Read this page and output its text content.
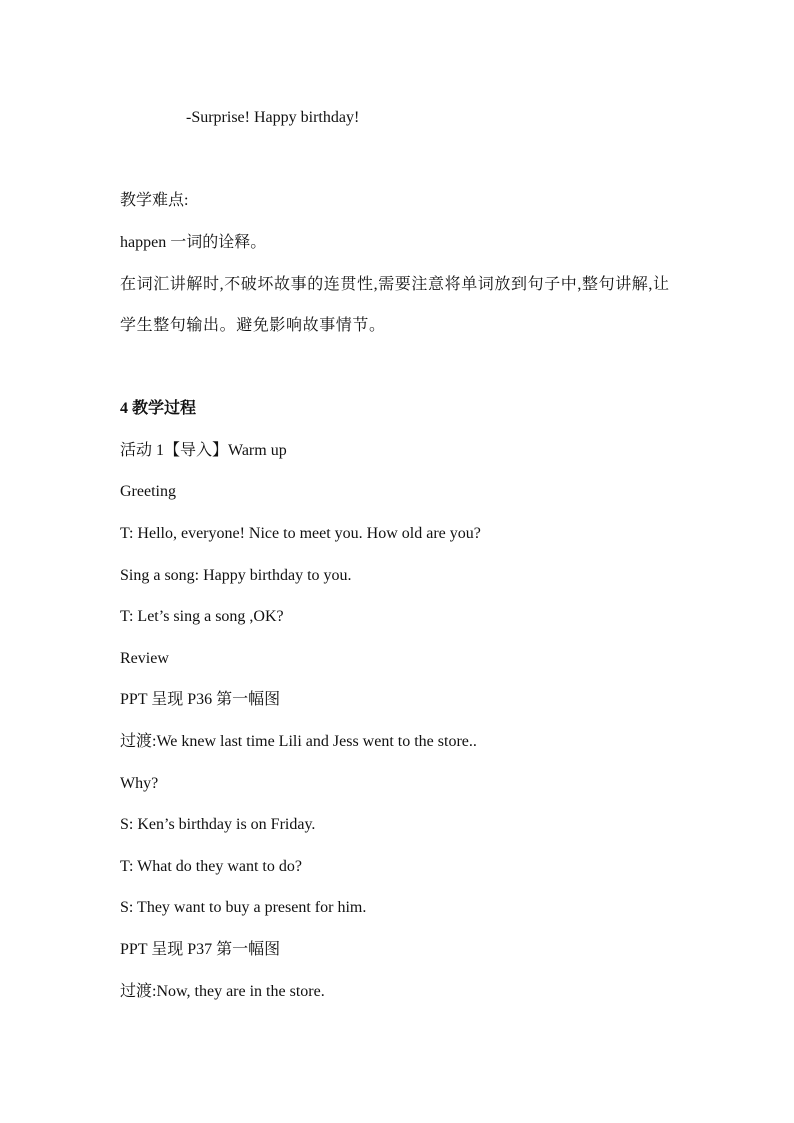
-Surprise! Happy birthday!
教学难点:
happen 一词的诠释。
在词汇讲解时,不破坏故事的连贯性,需要注意将单词放到句子中,整句讲解,让学生整句输出。避免影响故事情节。
4 教学过程
活动 1【导入】Warm up
Greeting
T: Hello, everyone! Nice to meet you. How old are you?
Sing a song: Happy birthday to you.
T: Let’s sing a song ,OK?
Review
PPT 呈现 P36 第一幅图
过渡:We knew last time Lili and Jess went to the store..
Why?
S: Ken’s birthday is on Friday.
T: What do they want to do?
S: They want to buy a present for him.
PPT 呈现 P37 第一幅图
过渡:Now, they are in the store.
